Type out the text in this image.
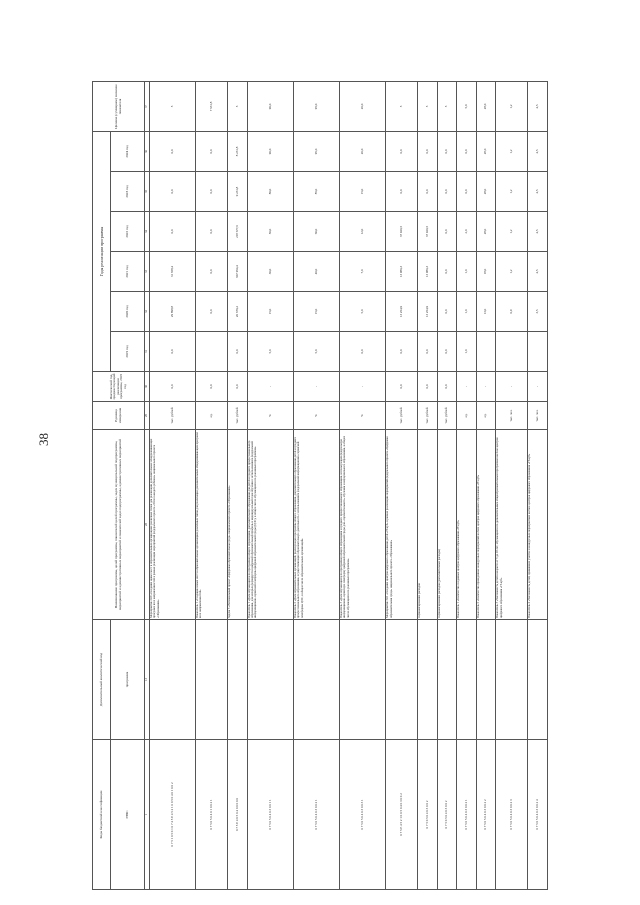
38
Коды бюджетной классификации	Дополнительный аналитический код	Наименование программы, целей программы, показателей целей программы, задач муниципальной подпрограммы, мероприятий и административных мероприятий и показателей задач подпрограммы, административных мероприятий	Единица измерения	Фактический год, предшествующий реализации программы, 2018 год	Годы реализации программы						Целевое (суммарное) значение показателя
ГРБС	программа				2019 год	2020 год	2021 год	2022 год	2023 год	2024 год	
1	13	28	29	30	31	32	33	34	35	36	37
0 7 5 1 0 5 0 1 0 7 4 5 E 4 5 2 1 0 0 5 0 4 0 1 0 0 2		Мероприятие 2.09 «Создание новых мест в образовательных организациях различных типов для реализации дополнительных общеразвивающих программ всех направленностей в рамках реализации мероприятий федерального проекта «Успех каждого ребенка» национального проекта «Образование»	тыс. рублей	0,0	0,0	29 898,8	31 658,4	0,0	0,0	0,0	5
0 7 5 0 5 0 4 0 1 0 0 2 1		Показатель 1 «Создание новых мест в образовательных организациях различных типов для реализации дополнительных общеразвивающих программ всех направленностей»	ед.	0,0		0,0	0,0	0,0	0,0	0,0	7 631,8
0 7 5 E 4 0 5 0 4 0 0 0 0 0		Задача 3 «Региональный проект «Цифровая образовательная среда» национального проекта «Образование»	тыс. рублей	0,0	0,0	20 679,2	607 954,4	218 677,6	9 231,8	8 231,8	5
0 7 5 0 5 0 4 0 3 0 0 1 1		Показатель 1 «Доля обучающихся по программам общего образования, дополнительного образования для детей и среднего профессионального образования, для которых формируется цифровой образовательный профиль и индивидуальный план обучения с использованием федеральной информационно-сервисной платформы цифровой образовательной среды (ЦОС), в общем числе обучающихся по указанным программам»	%	-	5,0	15,0	30,0	50,0	80,0	90,0	90,0
0 7 5 0 5 0 4 0 3 0 0 2 1		Показатель 2 «Доля образовательных организаций, реализующих программы общего образования, дополнительного образования детей и среднего профессионального образования, осуществляющих образовательную деятельность с использованием федеральной информационно-сервисной платформы ЦОС, в общем числе образовательных организаций»	%	-	5,0	15,0	40,0	60,0	85,0	95,0	95,0
0 7 5 0 5 0 4 0 3 0 0 3 1		Показатель 3 «Доля обучающихся по программам общего образования и среднего профессионального образования, использующих федеральную информационно-сервисную платформу цифровой образовательной среды для «горизонтального» обучения и неформального образования, в общем числе обучающихся по указанным программам»	%	-	0,0	5,0	7,0	12,0	15,0	20,0	20,0
0 7 5 E 4 5 2 1 0 0 5 0 4 0 3 0 0 2		Мероприятие 3.01 «Создание центров цифрового образования детей «IT-куб» в рамках реализации мероприятий федерального проекта «Цифровая образовательная среда» национального проекта «Образование»	тыс. рублей	0,0	0,0	13 264,9	13 980,3	37 920,5	0,0	0,0	5
0 7 5 0 5 0 4 0 3 0 0 2		софинансирование расходов	тыс. рублей	0,0	0,0	13 264,9	13 980,3	37 920,5	0,0	0,0	5
0 7 5 0 5 0 4 0 3 0 0 2		софинансирование расходов (дополнительные расходы)	тыс. рублей	0,0	0,0	0,0	0,0	0,0	0,0	0,0	5
0 7 5 0 5 0 4 0 3 0 0 2 1		Показатель 1 «Количество созданных центров цифрового образования «IT-куб»	ед.	-	1,0	1,0	1,0	2,0	0,0	0,0	5,0
0 7 5 0 5 0 4 0 3 0 0 2 2		Показатель 2 «Количество проведенных конкурсных мероприятий на базе центров цифрового образования «IT-куб»	ед.	-		13,0	18,0	28,0	28,0	28,0	28,0
0 7 5 0 5 0 4 0 3 0 0 2 3		Показатель 3 «Численность детей в возрасте от 5 до 18 лет, обучающихся по дополнительным общеобразовательным программам на базе центров цифрового образования «IT-куб»	тыс. чел.	-		0,9	1,2	1,2	1,2	1,2	1,2
0 7 5 0 5 0 4 0 3 0 0 2 4		Показатель 4 «Численность детей, принявших участие в конкурсных мероприятиях на базе центров цифрового образования «IT-куб»	тыс. чел.	-		3,5	4,5	4,5	4,5	4,5	4,5
